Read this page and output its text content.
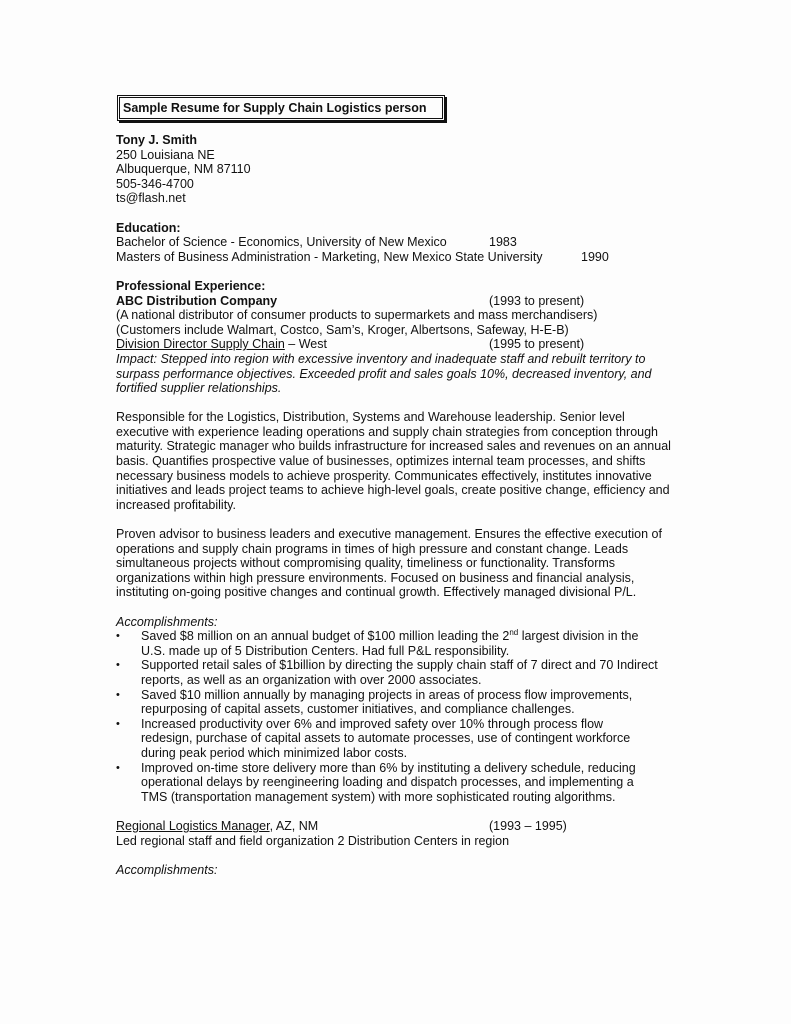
Sample Resume for Supply Chain Logistics person
Tony J. Smith
250 Louisiana NE
Albuquerque, NM 87110
505-346-4700
ts@flash.net
Education:
Bachelor of Science - Economics, University of New Mexico	1983
Masters of Business Administration - Marketing, New Mexico State University	1990
Professional Experience:
ABC Distribution Company	(1993 to present)
(A national distributor of consumer products to supermarkets and mass merchandisers)
(Customers include Walmart, Costco, Sam’s, Kroger, Albertsons, Safeway, H-E-B)
Division Director Supply Chain – West	(1995 to present)
Impact: Stepped into region with excessive inventory and inadequate staff and rebuilt territory to
surpass performance objectives. Exceeded profit and sales goals 10%, decreased inventory, and
fortified supplier relationships.
Responsible for the Logistics, Distribution, Systems and Warehouse leadership. Senior level
executive with experience leading operations and supply chain strategies from conception through
maturity. Strategic manager who builds infrastructure for increased sales and revenues on an annual
basis. Quantifies prospective value of businesses, optimizes internal team processes, and shifts
necessary business models to achieve prosperity. Communicates effectively, institutes innovative
initiatives and leads project teams to achieve high-level goals, create positive change, efficiency and
increased profitability.
Proven advisor to business leaders and executive management. Ensures the effective execution of
operations and supply chain programs in times of high pressure and constant change. Leads
simultaneous projects without compromising quality, timeliness or functionality. Transforms
organizations within high pressure environments. Focused on business and financial analysis,
instituting on-going positive changes and continual growth. Effectively managed divisional P/L.
Accomplishments:
• Saved $8 million on an annual budget of $100 million leading the 2nd largest division in the
U.S. made up of 5 Distribution Centers. Had full P&L responsibility.
• Supported retail sales of $1billion by directing the supply chain staff of 7 direct and 70 Indirect
reports, as well as an organization with over 2000 associates.
• Saved $10 million annually by managing projects in areas of process flow improvements,
repurposing of capital assets, customer initiatives, and compliance challenges.
• Increased productivity over 6% and improved safety over 10% through process flow
redesign, purchase of capital assets to automate processes, use of contingent workforce
during peak period which minimized labor costs.
• Improved on-time store delivery more than 6% by instituting a delivery schedule, reducing
operational delays by reengineering loading and dispatch processes, and implementing a
TMS (transportation management system) with more sophisticated routing algorithms.
Regional Logistics Manager, AZ, NM	(1993 – 1995)
Led regional staff and field organization 2 Distribution Centers in region
Accomplishments:
